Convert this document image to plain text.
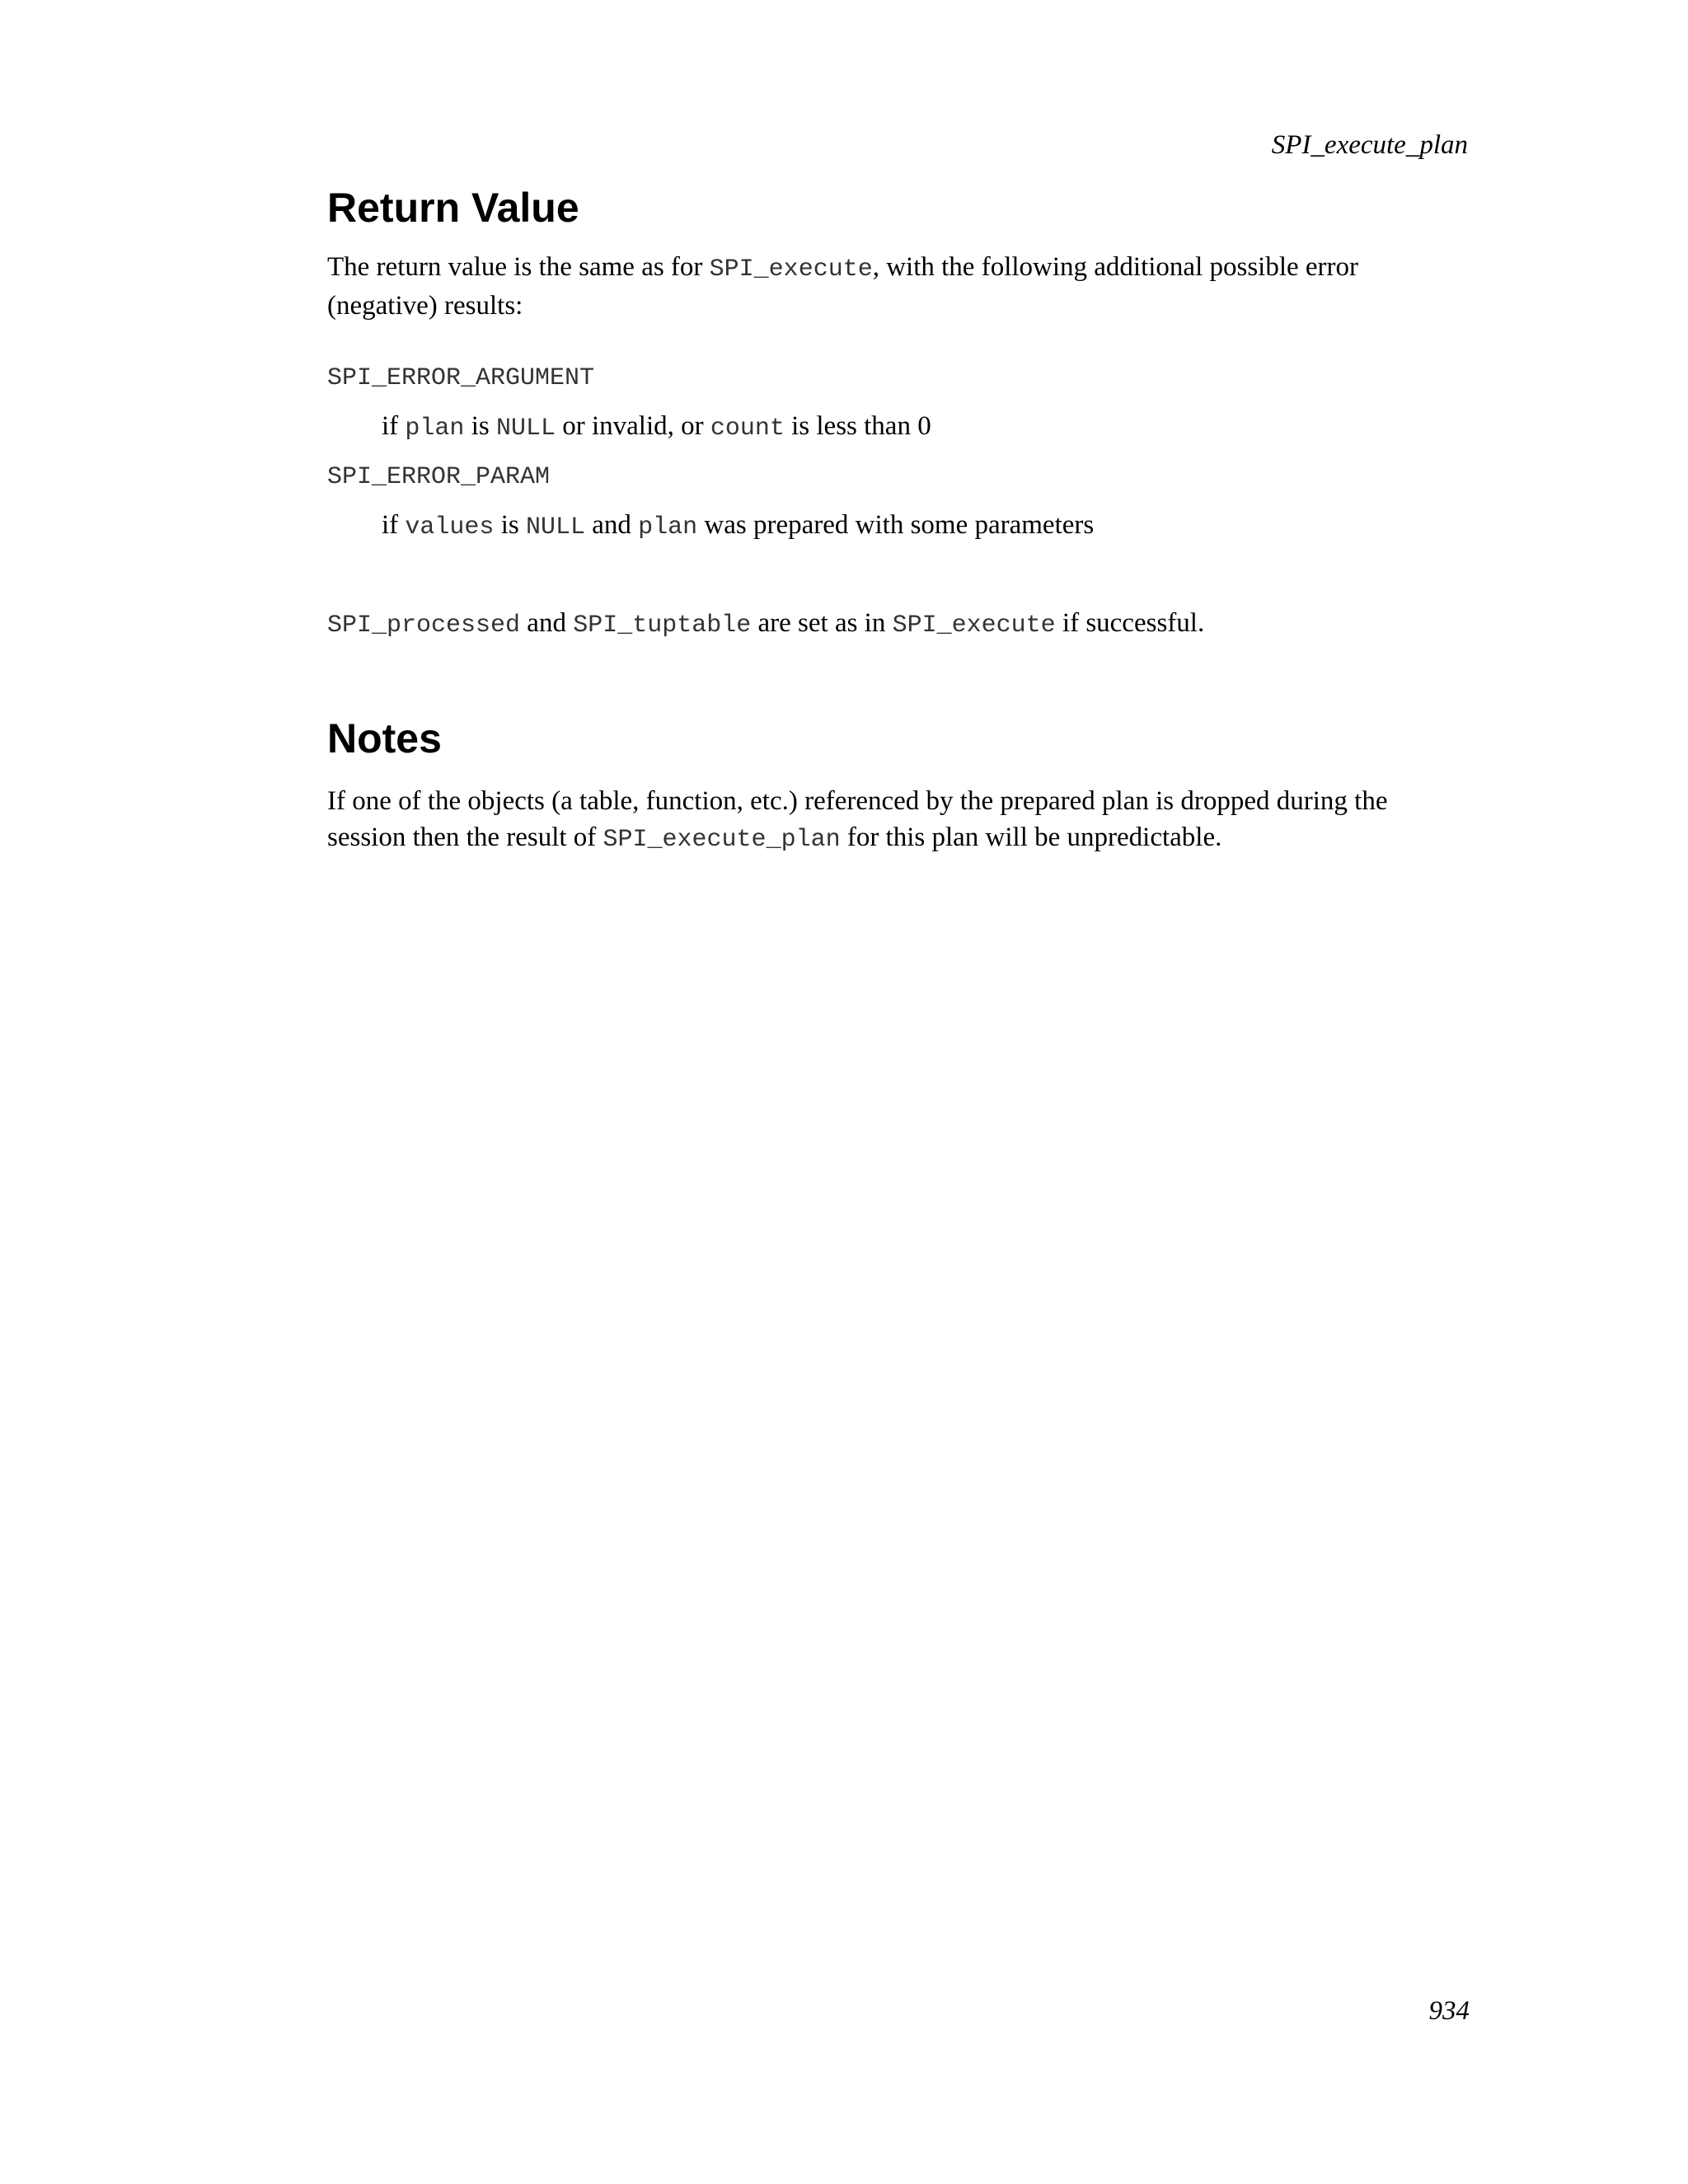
SPI_execute_plan
Return Value

The return value is the same as for SPI_execute, with the following additional possible error (negative) results:

SPI_ERROR_ARGUMENT

if plan is NULL or invalid, or count is less than 0

SPI_ERROR_PARAM

if values is NULL and plan was prepared with some parameters

SPI_processed and SPI_tuptable are set as in SPI_execute if successful.

Notes

If one of the objects (a table, function, etc.) referenced by the prepared plan is dropped during the session then the result of SPI_execute_plan for this plan will be unpredictable.

934
